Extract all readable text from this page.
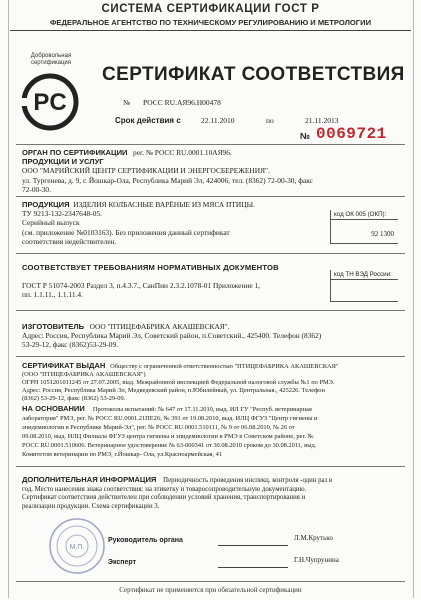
СИСТЕМА СЕРТИФИКАЦИИ ГОСТ Р
ФЕДЕРАЛЬНОЕ АГЕНТСТВО ПО ТЕХНИЧЕСКОМУ РЕГУЛИРОВАНИЮ И МЕТРОЛОГИИ
Добровольная
сертификация
PC
СЕРТИФИКАТ СООТВЕТСТВИЯ
№ РОСС RU.АЯ96.Н00478
Срок действия с	22.11.2010	по	21.11.2013
№ 0069721
ОРГАН ПО СЕРТИФИКАЦИИ рег. № РОСС RU.0001.10АЯ96.
ПРОДУКЦИИ И УСЛУГ
ООО "МАРИЙСКИЙ ЦЕНТР СЕРТИФИКАЦИИ И ЭНЕРГОСБЕРЕЖЕНИЯ".
ул. Тургенева, д. 9, г. Йошкар-Ола, Республика Марий Эл, 424006, тел. (8362) 72-00-30, факс
72-00-30.
ПРОДУКЦИЯ ИЗДЕЛИЯ КОЛБАСНЫЕ ВАРЁНЫЕ ИЗ МЯСА ПТИЦЫ.
ТУ 9213-132-2347648-05.
Серийный выпуск
(см. приложение №0103163). Без приложения данный сертификат
соответствия недействителен.
код ОК 005 (ОКП):
92 1300
СООТВЕТСТВУЕТ ТРЕБОВАНИЯМ НОРМАТИВНЫХ ДОКУМЕНТОВ
ГОСТ Р 51074-2003 Раздел 3, п.4.3.7., СанПин 2.3.2.1078-01 Приложение 1,
пп. 1.1.11., 1.1.11.4.
код ТН ВЭД России:
ИЗГОТОВИТЕЛЬ ООО "ПТИЦЕФАБРИКА АКАШЕВСКАЯ".
Адрес: Россия, Республика Марий Эл, Советский район, п.Советский., 425400. Телефон (8362)
53-29-12, факс (8362)53-29-09.
СЕРТИФИКАТ ВЫДАН Обществу с ограниченной ответственностью "ПТИЦЕФАБРИКА АКАШЕВСКАЯ"
(ООО "ПТИЦЕФАБРИКА АКАШЕВСКАЯ")
ОГРН 1051201011245 от 27.07.2005, выд. Межрайонной инспекцией Федеральной налоговой службы №1 по РМЭ.
Адрес: Россия, Республика Марий Эл, Медведевский район, п.Юбилейный, ул. Центральная., 425226. Телефон
(8362) 53-29-12, факс (8362) 53-29-09.
НА ОСНОВАНИИ Протоколы испытаний: № 647 от 17.11.2010, выд. ИЛ ГУ "Респуб. ветеринарная
лаборатория" РМЭ, рег. № РОСС RU.0001.21ПЕ26; № 391 от 19.08.2010, выд. ИЛЦ ФГУЗ "Центр гигиены и
эпидемиологии в Республике Марий-Эл", рег. № РОСС RU.0001.510111, № 9 от 06.08.2010, № 26 от
09.08.2010, выд. ИЛЦ Филиала ФГУЗ центра гигиены и эпидемиологии в РМЭ в Советском районе, рег. №
РОСС RU.0001.510606. Ветеринарное удостоверение № 63-000341 от 30.08.2010 сроком до 30.08.2011, выд.
Комитетом ветеринарии по РМЭ, г.Йошкар- Ола, ул.Красноармейская, 41
ДОПОЛНИТЕЛЬНАЯ ИНФОРМАЦИЯ Периодичность проведения инспекц. контроля -один раз в
год. Место нанесения знака соответствия: на этикетку и товаросопроводительную документацию.
Сертификат соответствия действителен при соблюдении условий хранения, транспортирования и
реализации продукции. Схема сертификации 3.
М.П.
Руководитель органа	Л.М.Крутько
Эксперт	Г.Н.Чупрунина
Сертификат не применяется при обязательной сертификации
